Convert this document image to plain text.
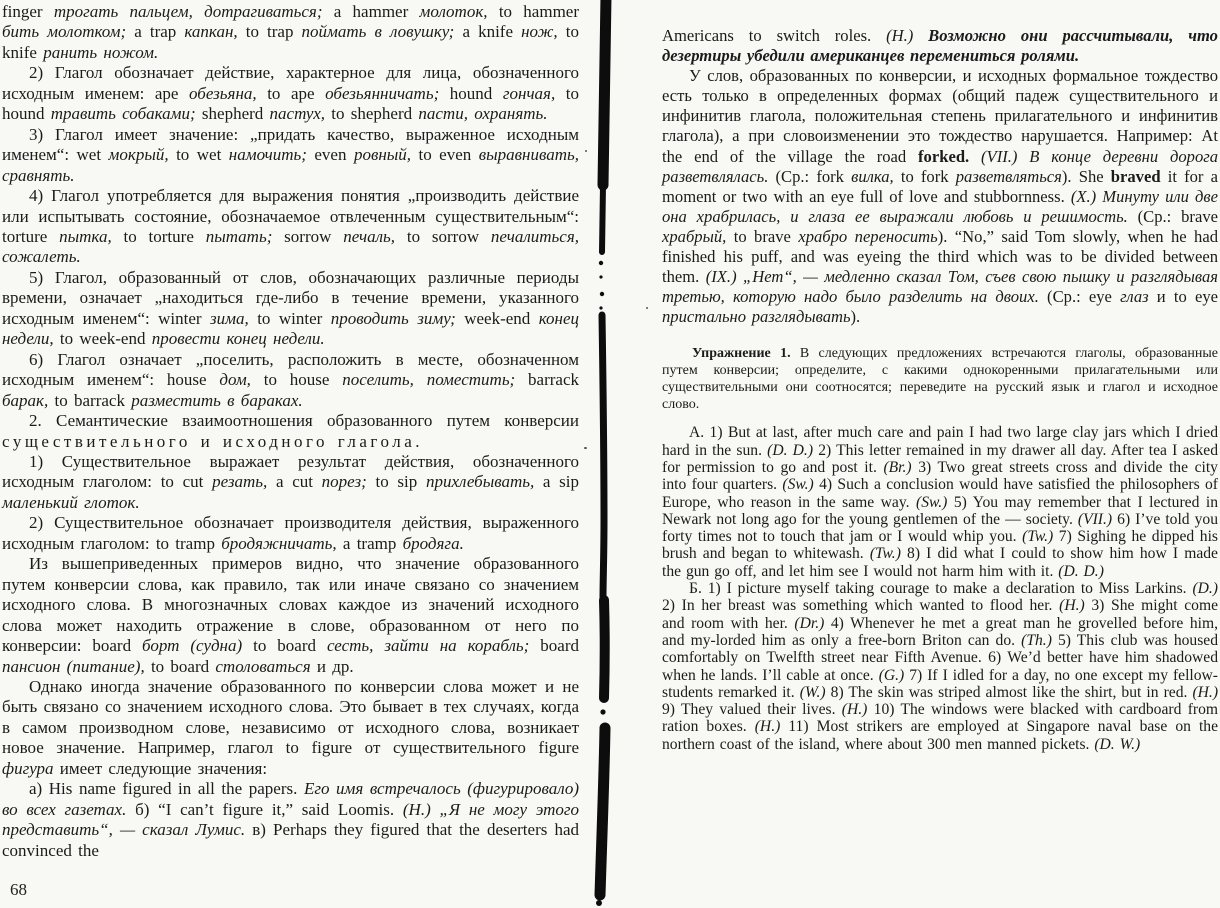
finger трогать пальцем, дотрагиваться; a hammer молоток, to hammer бить молотком; a trap капкан, to trap поймать в ловушку; a knife нож, to knife ранить ножом.

2) Глагол обозначает действие, характерное для лица, обозначенного исходным именем: ape обезьяна, to ape обезьянничать; hound гончая, to hound травить собаками; shepherd пастух, to shepherd пасти, охранять.

3) Глагол имеет значение: „придать качество, выраженное исходным именем“: wet мокрый, to wet намочить; even ровный, to even выравнивать, сравнять.

4) Глагол употребляется для выражения понятия „производить действие или испытывать состояние, обозначаемое отвлеченным существительным“: torture пытка, to torture пытать; sorrow печаль, to sorrow печалиться, сожалеть.

5) Глагол, образованный от слов, обозначающих различные периоды времени, означает „находиться где-либо в течение времени, указанного исходным именем“: winter зима, to winter проводить зиму; week-end конец недели, to week-end провести конец недели.

6) Глагол означает „поселить, расположить в месте, обозначенном исходным именем“: house дом, to house поселить, поместить; barrack барак, to barrack разместить в бараках.

2. Семантические взаимоотношения образованного путем конверсии существительного и исходного глагола.

1) Существительное выражает результат действия, обозначенного исходным глаголом: to cut резать, a cut порез; to sip прихлебывать, a sip маленький глоток.

2) Существительное обозначает производителя действия, выраженного исходным глаголом: to tramp бродяжничать, a tramp бродяга.

Из вышеприведенных примеров видно, что значение образованного путем конверсии слова, как правило, так или иначе связано со значением исходного слова. В многозначных словах каждое из значений исходного слова может находить отражение в слове, образованном от него по конверсии: board борт (судна) to board сесть, зайти на корабль; board пансион (питание), to board столоваться и др.

Однако иногда значение образованного по конверсии слова может и не быть связано со значением исходного слова. Это бывает в тех случаях, когда в самом производном слове, независимо от исходного слова, возникает новое значение. Например, глагол to figure от существительного figure фигура имеет следующие значения:

а) His name figured in all the papers. Его имя встречалось (фигурировало) во всех газетах. б) “I can’t figure it,” said Loomis. (H.) „Я не могу этого представить“, — сказал Лумис. в) Perhaps they figured that the deserters had convinced the

68

Americans to switch roles. (H.) Возможно они рассчитывали, что дезертиры убедили американцев перемениться ролями.

У слов, образованных по конверсии, и исходных формальное тождество есть только в определенных формах (общий падеж существительного и инфинитив глагола, положительная степень прилагательного и инфинитив глагола), а при словоизменении это тождество нарушается. Например: At the end of the village the road forked. (VII.) В конце деревни дорога разветвлялась. (Ср.: fork вилка, to fork разветвляться). She braved it for a moment or two with an eye full of love and stubbornness. (X.) Минуту или две она храбрилась, и глаза ее выражали любовь и решимость. (Ср.: brave храбрый, to brave храбро переносить). “No,” said Tom slowly, when he had finished his puff, and was eyeing the third which was to be divided between them. (IX.) „Нет“, — медленно сказал Том, съев свою пышку и разглядывая третью, которую надо было разделить на двоих. (Ср.: eye глаз и to eye пристально разглядывать).

Упражнение 1. В следующих предложениях встречаются глаголы, образованные путем конверсии; определите, с какими однокоренными прилагательными или существительными они соотносятся; переведите на русский язык и глагол и исходное слово.

А. 1) But at last, after much care and pain I had two large clay jars which I dried hard in the sun. (D. D.) 2) This letter remained in my drawer all day. After tea I asked for permission to go and post it. (Br.) 3) Two great streets cross and divide the city into four quarters. (Sw.) 4) Such a conclusion would have satisfied the philosophers of Europe, who reason in the same way. (Sw.) 5) You may remember that I lectured in Newark not long ago for the young gentlemen of the — society. (VII.) 6) I’ve told you forty times not to touch that jam or I would whip you. (Tw.) 7) Sighing he dipped his brush and began to whitewash. (Tw.) 8) I did what I could to show him how I made the gun go off, and let him see I would not harm him with it. (D. D.)

Б. 1) I picture myself taking courage to make a declaration to Miss Larkins. (D.) 2) In her breast was something which wanted to flood her. (H.) 3) She might come and room with her. (Dr.) 4) Whenever he met a great man he grovelled before him, and my-lorded him as only a free-born Briton can do. (Th.) 5) This club was housed comfortably on Twelfth street near Fifth Avenue. 6) We’d better have him shadowed when he lands. I’ll cable at once. (G.) 7) If I idled for a day, no one except my fellow-students remarked it. (W.) 8) The skin was striped almost like the shirt, but in red. (H.) 9) They valued their lives. (H.) 10) The windows were blacked with cardboard from ration boxes. (H.) 11) Most strikers are employed at Singapore naval base on the northern coast of the island, where about 300 men manned pickets. (D. W.)
